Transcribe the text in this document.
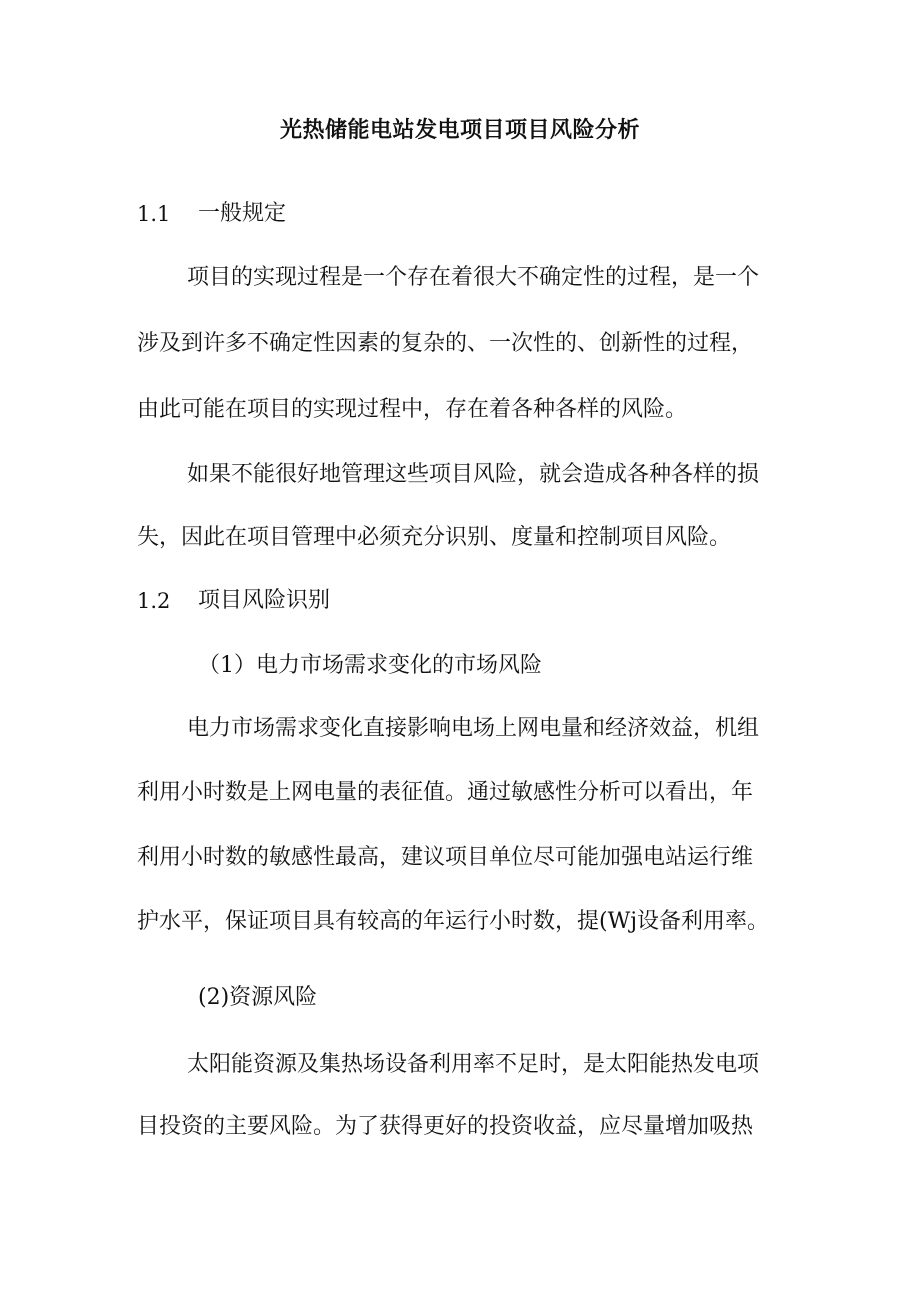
光热储能电站发电项目项目风险分析
1.1 一般规定
项目的实现过程是一个存在着很大不确定性的过程，是一个
涉及到许多不确定性因素的复杂的、一次性的、创新性的过程，
由此可能在项目的实现过程中，存在着各种各样的风险。
如果不能很好地管理这些项目风险，就会造成各种各样的损
失，因此在项目管理中必须充分识别、度量和控制项目风险。
1.2 项目风险识别
（1）电力市场需求变化的市场风险
电力市场需求变化直接影响电场上网电量和经济效益，机组
利用小时数是上网电量的表征值。通过敏感性分析可以看出，年
利用小时数的敏感性最高，建议项目单位尽可能加强电站运行维
护水平，保证项目具有较高的年运行小时数，提(Wj设备利用率。
(2)资源风险
太阳能资源及集热场设备利用率不足时，是太阳能热发电项
目投资的主要风险。为了获得更好的投资收益，应尽量增加吸热
